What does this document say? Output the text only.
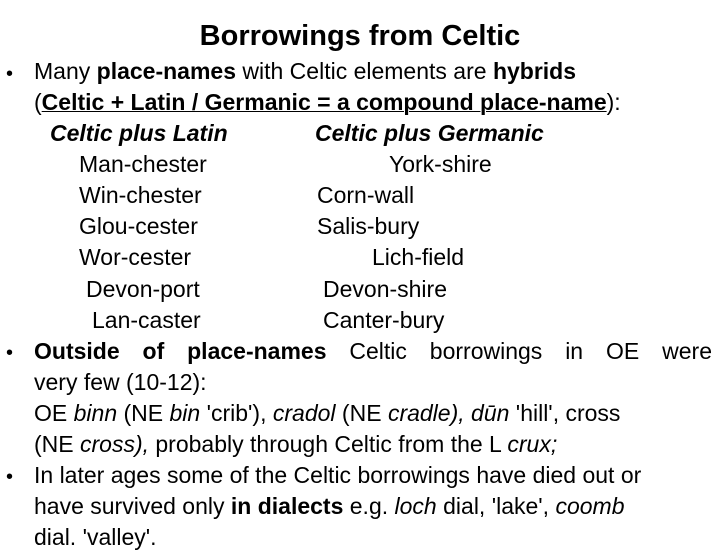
Borrowings from Celtic
• Many place-names with Celtic elements are hybrids
(Celtic + Latin / Germanic = a compound place-name):
Celtic plus Latin	Celtic plus Germanic
Man-chester
Win-chester
Glou-cester
Wor-cester
Devon-port
Lan-caster
York-shire
Corn-wall
Salis-bury
Lich-field
Devon-shire
Canter-bury
• Outside of place-names Celtic borrowings in OE were
very few (10-12):
OE binn (NE bin 'crib'), cradol (NE cradle), dūn 'hill', cross
(NE cross), probably through Celtic from the L crux;
• In later ages some of the Celtic borrowings have died out or
have survived only in dialects e.g. loch dial, 'lake', coomb
dial. 'valley'.
